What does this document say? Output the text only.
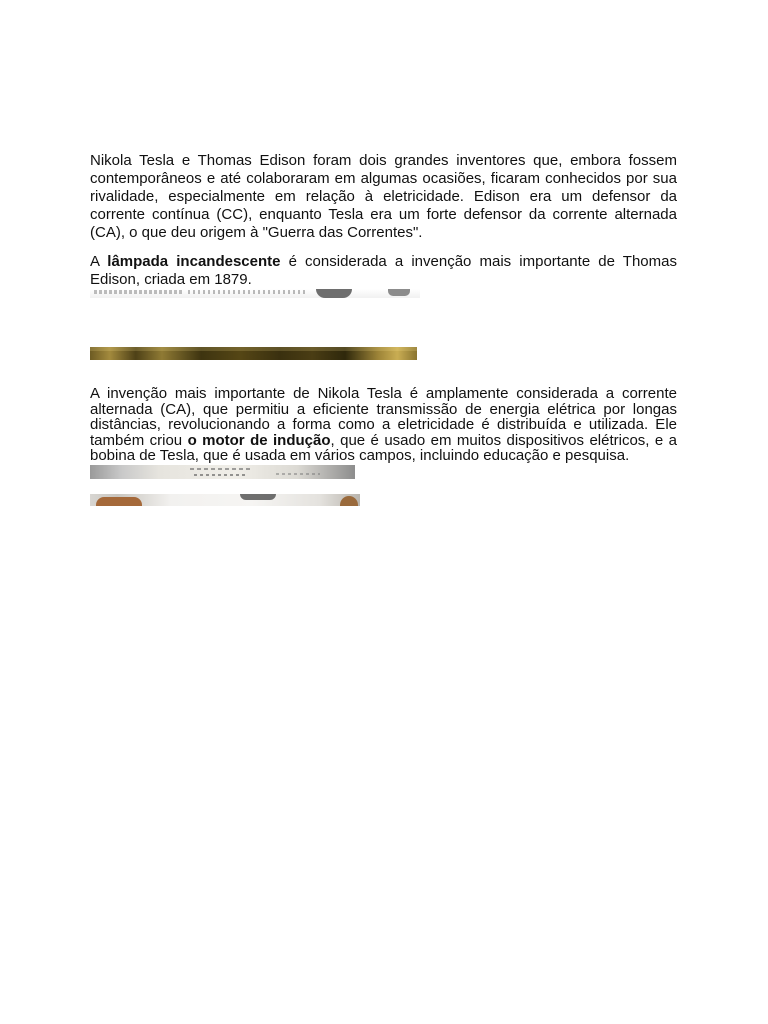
Nikola Tesla e Thomas Edison foram dois grandes inventores que, embora fossem contemporâneos e até colaboraram em algumas ocasiões, ficaram conhecidos por sua rivalidade, especialmente em relação à eletricidade. Edison era um defensor da corrente contínua (CC), enquanto Tesla era um forte defensor da corrente alternada (CA), o que deu origem à "Guerra das Correntes".

A lâmpada incandescente é considerada a invenção mais importante de Thomas Edison, criada em 1879.

A invenção mais importante de Nikola Tesla é amplamente considerada a corrente alternada (CA), que permitiu a eficiente transmissão de energia elétrica por longas distâncias, revolucionando a forma como a eletricidade é distribuída e utilizada. Ele também criou o motor de indução, que é usado em muitos dispositivos elétricos, e a bobina de Tesla, que é usada em vários campos, incluindo educação e pesquisa.
